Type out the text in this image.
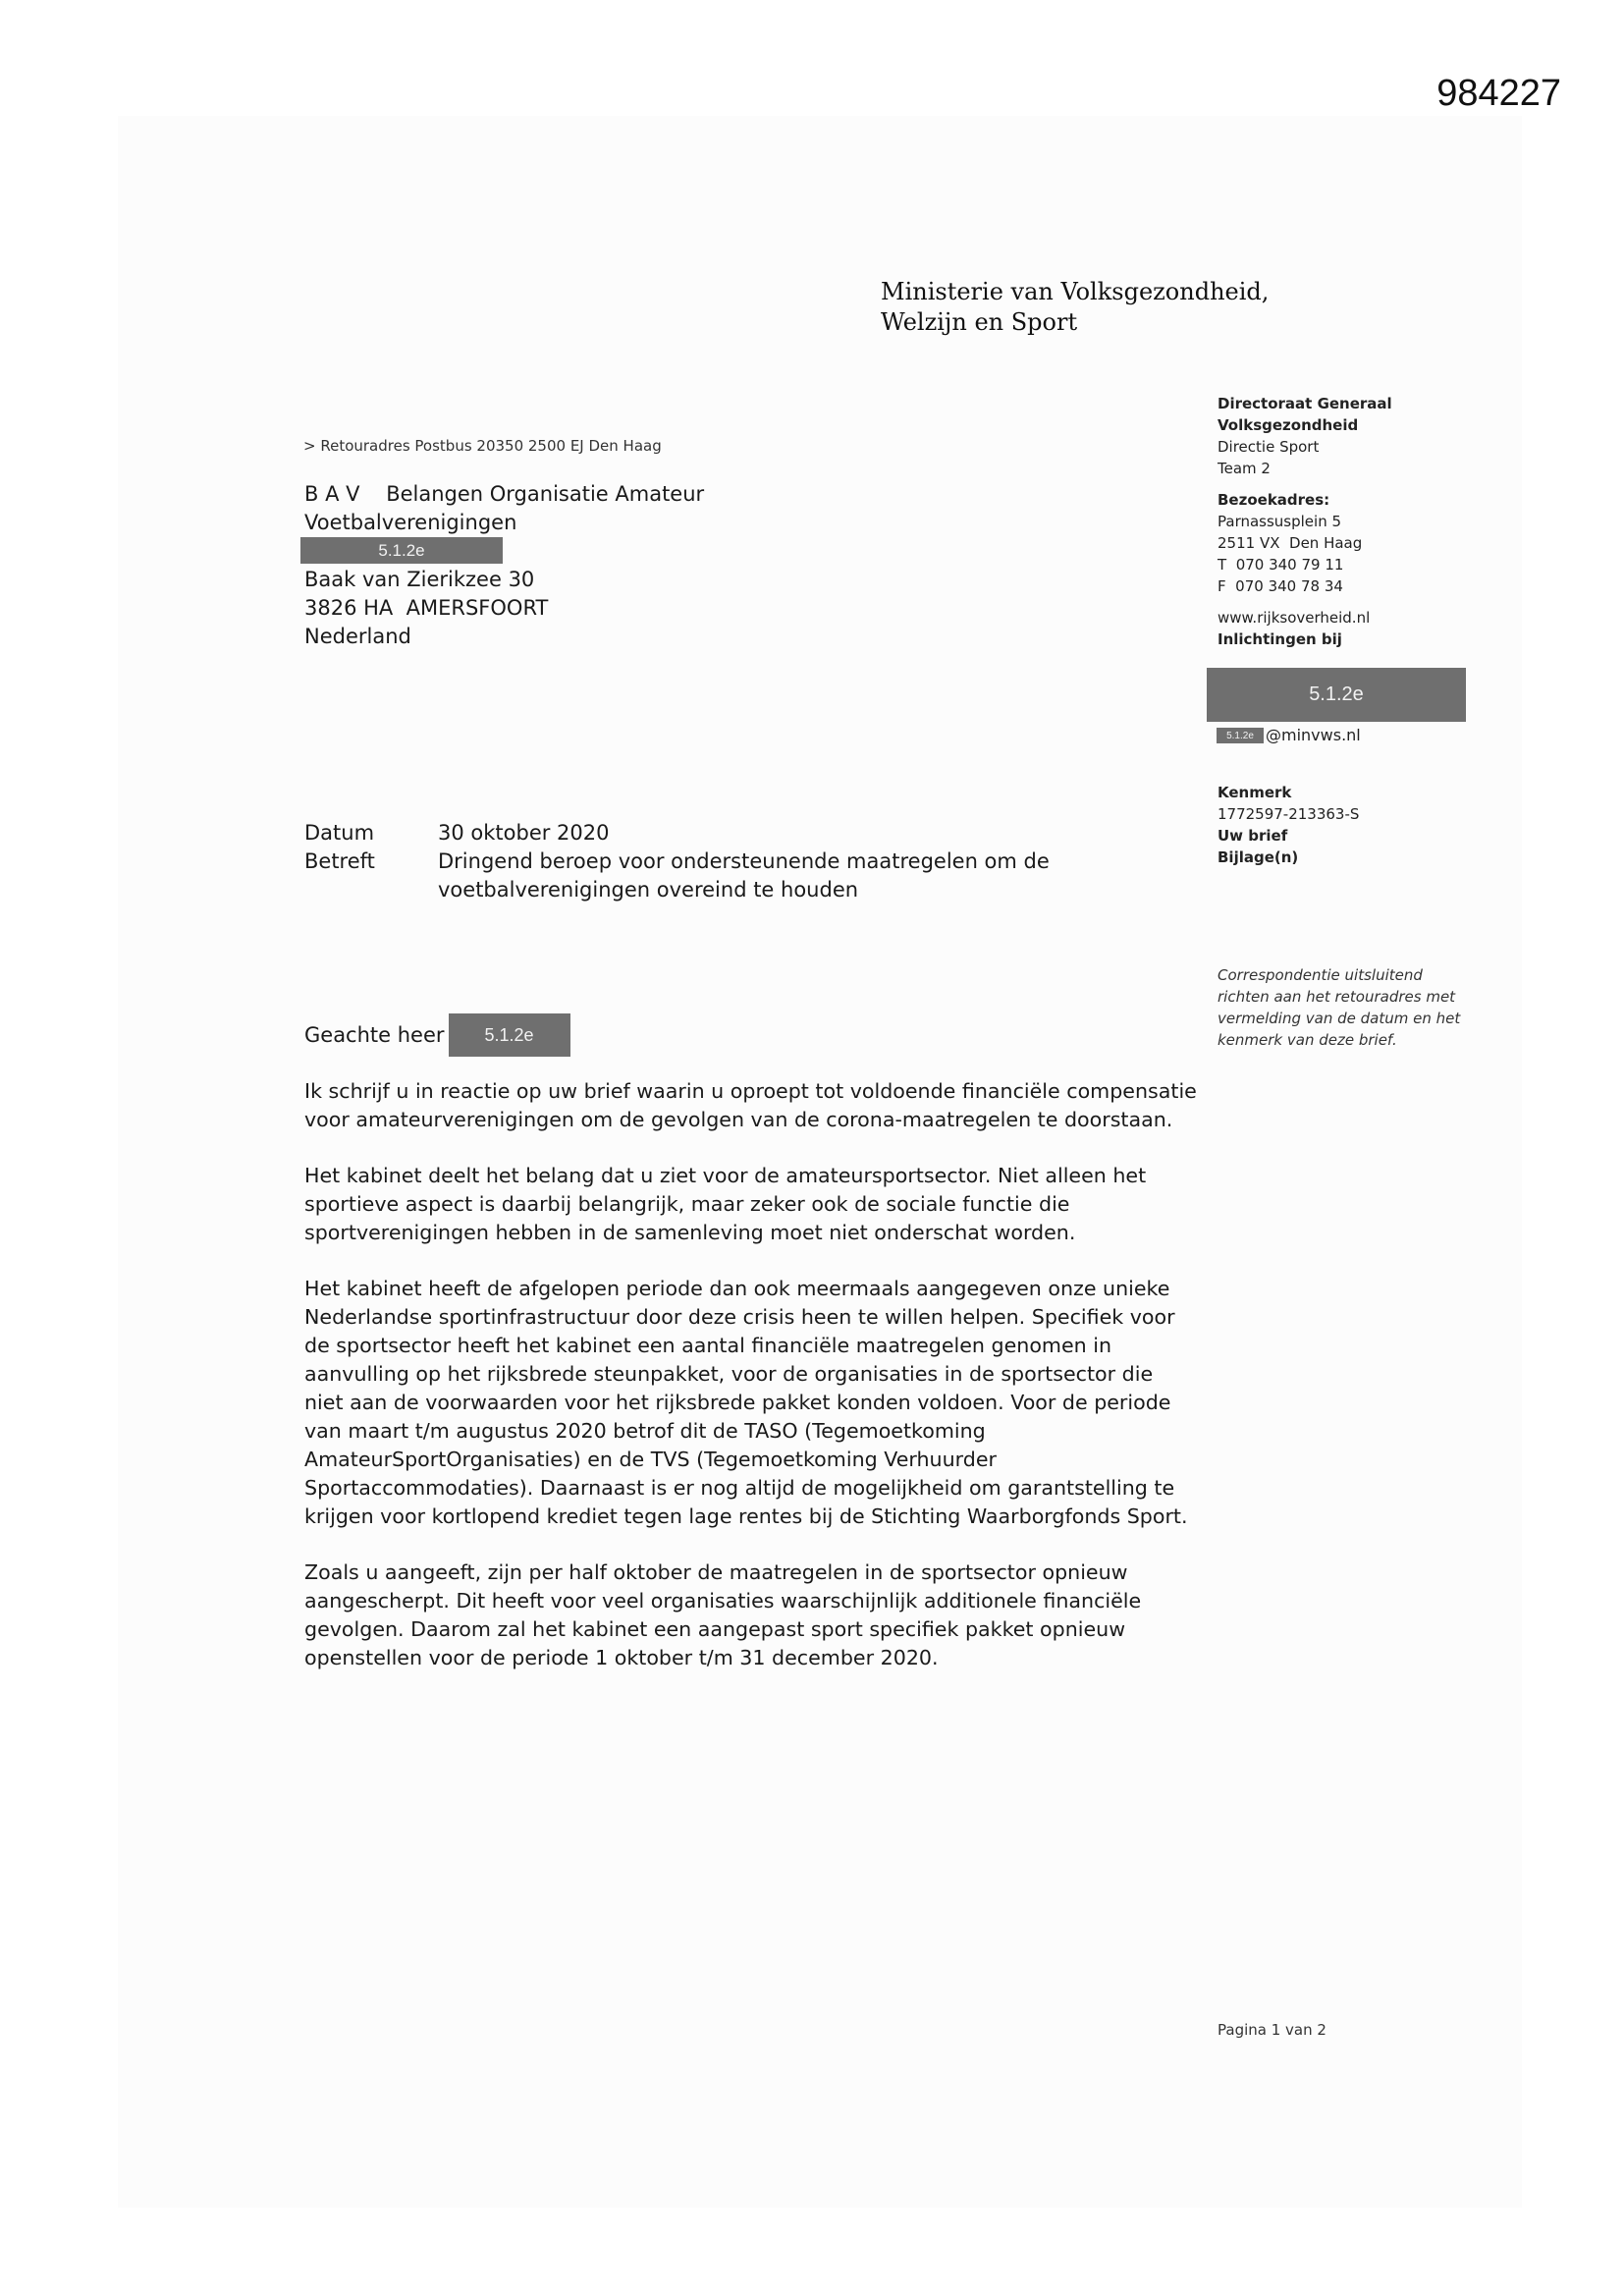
984227
Ministerie van Volksgezondheid,
Welzijn en Sport
> Retouradres Postbus 20350 2500 EJ Den Haag
B A V    Belangen Organisatie Amateur
Voetbalverenigingen
Baak van Zierikzee 30
3826 HA  AMERSFOORT
Nederland
5.1.2e
Datum	30 oktober 2020
Betreft	Dringend beroep voor ondersteunende maatregelen om de voetbalverenigingen overeind te houden
Geachte heer	5.1.2e

Ik schrijf u in reactie op uw brief waarin u oproept tot voldoende financiële compensatie voor amateurverenigingen om de gevolgen van de corona-maatregelen te doorstaan.

Het kabinet deelt het belang dat u ziet voor de amateursportsector. Niet alleen het sportieve aspect is daarbij belangrijk, maar zeker ook de sociale functie die sportverenigingen hebben in de samenleving moet niet onderschat worden.

Het kabinet heeft de afgelopen periode dan ook meermaals aangegeven onze unieke Nederlandse sportinfrastructuur door deze crisis heen te willen helpen. Specifiek voor de sportsector heeft het kabinet een aantal financiële maatregelen genomen in aanvulling op het rijksbrede steunpakket, voor de organisaties in de sportsector die niet aan de voorwaarden voor het rijksbrede pakket konden voldoen. Voor de periode van maart t/m augustus 2020 betrof dit de TASO (Tegemoetkoming AmateurSportOrganisaties) en de TVS (Tegemoetkoming Verhuurder Sportaccommodaties). Daarnaast is er nog altijd de mogelijkheid om garantstelling te krijgen voor kortlopend krediet tegen lage rentes bij de Stichting Waarborgfonds Sport.

Zoals u aangeeft, zijn per half oktober de maatregelen in de sportsector opnieuw aangescherpt. Dit heeft voor veel organisaties waarschijnlijk additionele financiële gevolgen. Daarom zal het kabinet een aangepast sport specifiek pakket opnieuw openstellen voor de periode 1 oktober t/m 31 december 2020.

Directoraat Generaal
Volksgezondheid
Directie Sport
Team 2
Bezoekadres:
Parnassusplein 5
2511 VX  Den Haag
T  070 340 79 11
F  070 340 78 34
www.rijksoverheid.nl
Inlichtingen bij
5.1.2e
5.1.2e @minvws.nl
Kenmerk
1772597-213363-S
Uw brief
Bijlage(n)
Correspondentie uitsluitend richten aan het retouradres met vermelding van de datum en het kenmerk van deze brief.
Pagina 1 van 2
